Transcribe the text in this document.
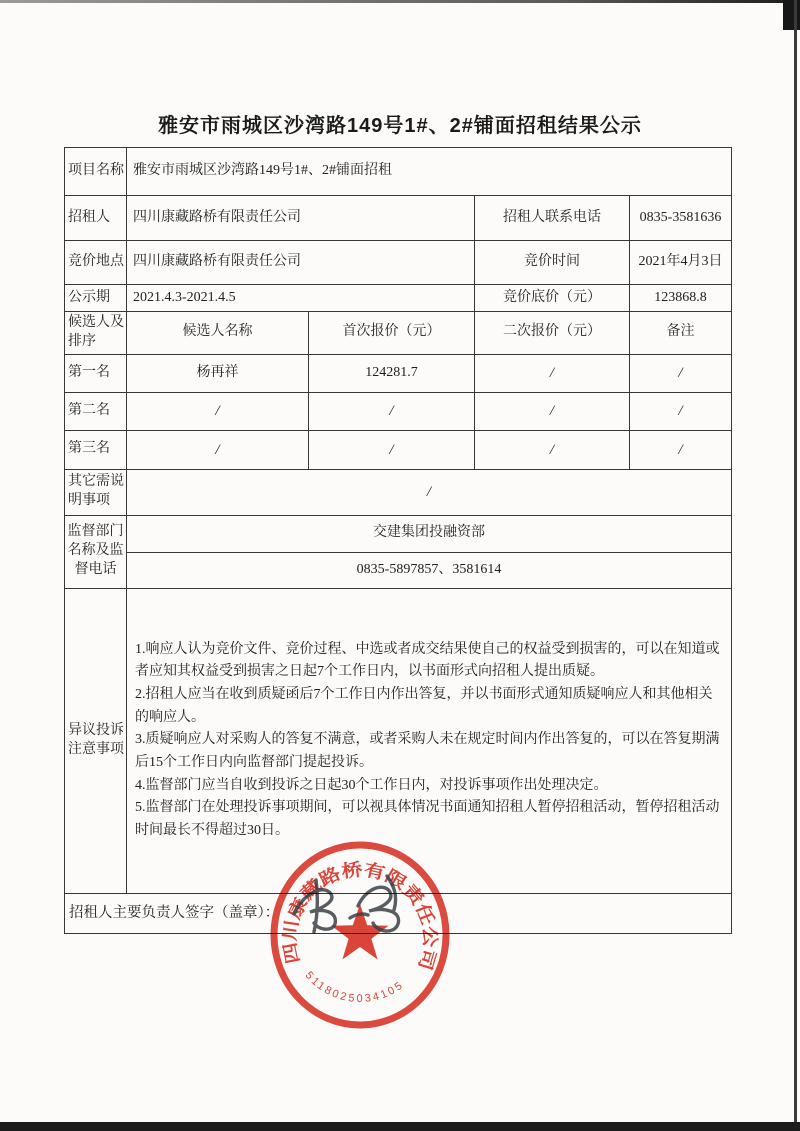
雅安市雨城区沙湾路149号1#、2#铺面招租结果公示
项目名称	雅安市雨城区沙湾路149号1#、2#铺面招租			
招租人	四川康藏路桥有限责任公司		招租人联系电话	0835-3581636
竞价地点	四川康藏路桥有限责任公司		竞价时间	2021年4月3日
公示期	2021.4.3-2021.4.5		竞价底价（元）	123868.8
候选人及排序	候选人名称	首次报价（元）	二次报价（元）	备注
第一名	杨再祥	124281.7	/	/
第二名	/	/	/	/
第三名	/	/	/	/
其它需说明事项	/			
监督部门名称及监督电话	交建集团投融资部			
	0835-5897857、3581614			
异议投诉注意事项	1.响应人认为竞价文件、竞价过程、中选或者成交结果使自己的权益受到损害的，可以在知道或者应知其权益受到损害之日起7个工作日内，以书面形式向招租人提出质疑。

2.招租人应当在收到质疑函后7个工作日内作出答复，并以书面形式通知质疑响应人和其他相关的响应人。

3.质疑响应人对采购人的答复不满意，或者采购人未在规定时间内作出答复的，可以在答复期满后15个工作日内向监督部门提起投诉。

4.监督部门应当自收到投诉之日起30个工作日内，对投诉事项作出处理决定。

5.监督部门在处理投诉事项期间，可以视具体情况书面通知招租人暂停招租活动，暂停招租活动时间最长不得超过30日。			

招租人主要负责人签字（盖章）：				
四川康藏路桥有限责任公司
5118025034105
